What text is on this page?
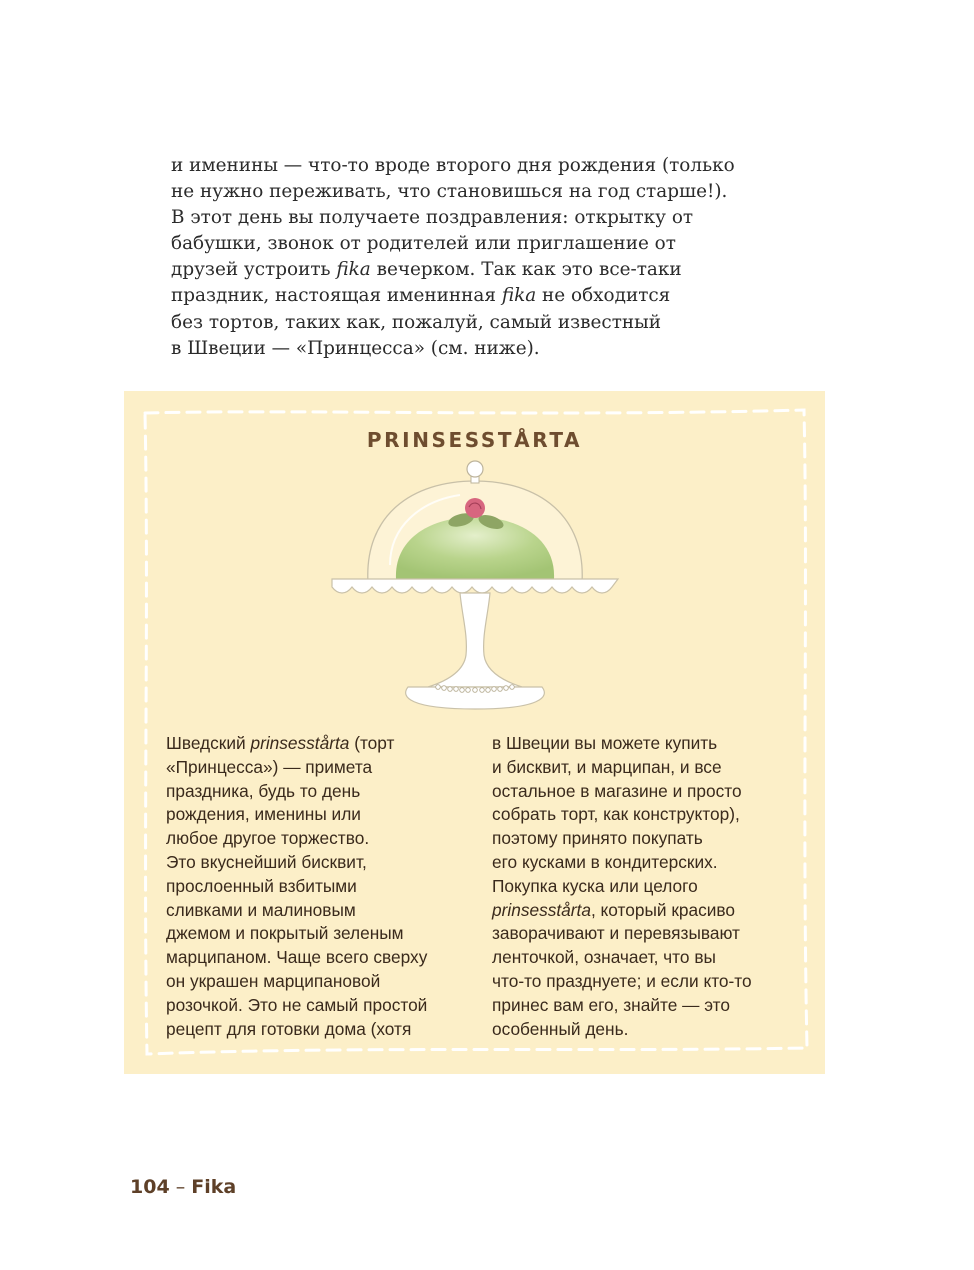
и именины — что-то вроде второго дня рождения (только
не нужно переживать, что становишься на год старше!).
В этот день вы получаете поздравления: открытку от
бабушки, звонок от родителей или приглашение от
друзей устроить fika вечерком. Так как это все-таки
праздник, настоящая именинная fika не обходится
без тортов, таких как, пожалуй, самый известный
в Швеции — «Принцесса» (см. ниже).
PRINSESSTÅRTA
Шведский prinsesstårta (торт
«Принцесса») — примета
праздника, будь то день
рождения, именины или
любое другое торжество.
Это вкуснейший бисквит,
прослоенный взбитыми
сливками и малиновым
джемом и покрытый зеленым
марципаном. Чаще всего сверху
он украшен марципановой
розочкой. Это не самый простой
рецепт для готовки дома (хотя
в Швеции вы можете купить
и бисквит, и марципан, и все
остальное в магазине и просто
собрать торт, как конструктор),
поэтому принято покупать
его кусками в кондитерских.
Покупка куска или целого
prinsesstårta, который красиво
заворачивают и перевязывают
ленточкой, означает, что вы
что-то празднуете; и если кто-то
принес вам его, знайте — это
особенный день.
104 – Fika
